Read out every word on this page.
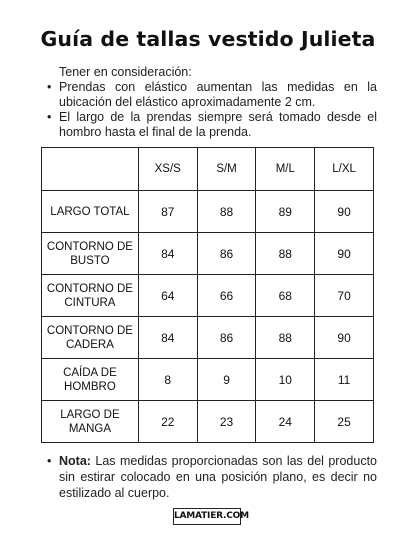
Guía de tallas vestido Julieta
Tener en consideración:
• Prendas con elástico aumentan las medidas en la ubicación del elástico aproximadamente 2 cm.
• El largo de la prendas siempre será tomado desde el hombro hasta el final de la prenda.
	XS/S	S/M	M/L	L/XL
LARGO TOTAL	87	88	89	90
CONTORNO DE BUSTO	84	86	88	90
CONTORNO DE CINTURA	64	66	68	70
CONTORNO DE CADERA	84	86	88	90
CAÍDA DE HOMBRO	8	9	10	11
LARGO DE MANGA	22	23	24	25
• Nota: Las medidas proporcionadas son las del producto sin estirar colocado en una posición plano, es decir no estilizado al cuerpo.
LAMATIER.COM
